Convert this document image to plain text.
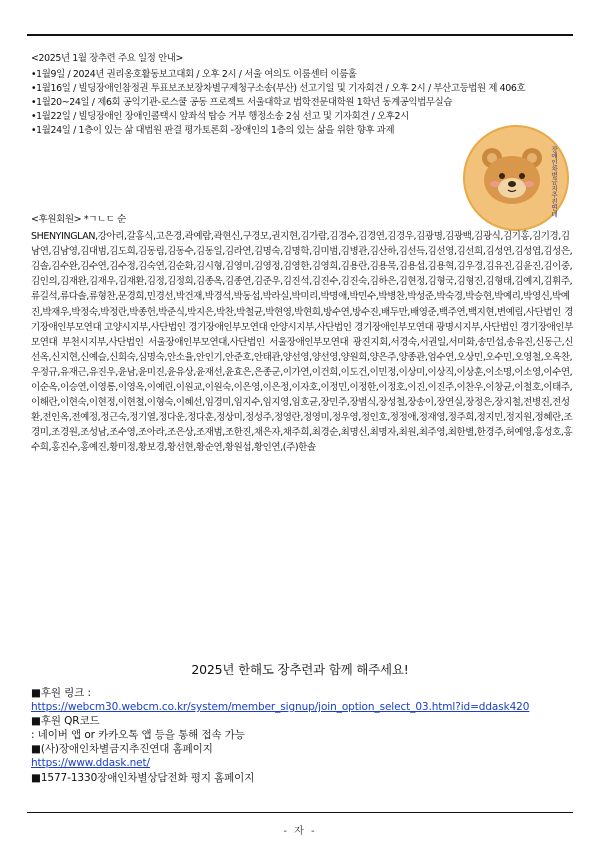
<2025년 1월 장추련 주요 일정 안내>
•1월9일 / 2024년 권리옹호활동보고대회 / 오후 2시 / 서울 여의도 이룸센터 이룸홀
•1월16일 / 빌딩장애인참정권 투표보조보장차별구제청구소송(부산) 선고기일 및 기자회견 / 오후 2시 / 부산고등법원 제 406호
•1월20~24일 / 제6회 공익기관-로스쿨 공동 프로젝트 서울대학교 법학전문대학원 1학년 동계공익법무실습
•1월22일 / 빌딩장애인 장애인콜택시 앞좌석 탑승 거부 행정소송 2심 선고 및 기자회견 / 오후2시
•1월24일 / 1층이 있는 삶 대법원 판결 평가토론회 -장애인의 1층의 있는 삶을 위한 향후 과제
장애인차별금지추진연대
<후원회원> *ㄱㄴㄷ 순
SHENYINGLAN,강아리,갈홍식,고은경,곽예람,곽현신,구경모,권지현,김가람,김경수,김경연,김경우,김광명,김광백,김광식,김기홍,김기경,김남연,김남영,김대범,김도희,김동림,김동수,김동일,김라연,김명숙,김명학,김미범,김병관,김산하,김선득,김선영,김선희,김성연,김성엽,김성은,김솔,김수완,김수연,김수정,김숙연,김순화,김시형,김영미,김영정,김영한,김영희,김용란,김용묵,김용섭,김용혁,김우경,김유진,김윤진,김이중,김인의,김재완,김재우,김재환,김정,김정희,김종옥,김종연,김준우,김진석,김진수,김진숙,김하은,김현정,김형국,김형진,김형태,김예지,김휘주,류길석,류다솔,류형찬,문경희,민경선,박건재,박경석,박동섭,박라실,박미리,박명애,박민수,박병찬,박성준,박숙경,박승현,박예리,박영신,박예진,박재우,박정숙,박정란,박종헌,박준식,박지은,박찬,박철균,박현영,박현희,방수연,방수진,배두만,배영준,백주연,백지현,변예림,사단법인 경기장애인부모연대 고양시지부,사단법인 경기장애인부모연대 안양시지부,사단법인 경기장애인부모연대 광명시지부,사단법인 경기장애인부모연대 부천시지부,사단법인 서울장애인부모연대,사단법인 서울장애인부모연대 광진지회,서경숙,서권일,서미화,송민섭,송유진,신동근,신선옥,신지현,신예슬,신희숙,심명숙,안소율,안인기,안준호,안태관,양선영,양선영,양원희,양은주,양종관,엄수연,오상민,오수민,오영철,오옥찬,우정규,유재근,유진우,윤남,윤미진,윤유상,윤재선,윤효은,은종군,이가연,이건희,이도건,이민정,이상미,이상직,이상훈,이소명,이소영,이수연,이순옥,이승연,이영롱,이영옥,이예린,이원교,이원숙,이은영,이은정,이자호,이정민,이정한,이정호,이진,이진주,이찬우,이창균,이철호,이태주,이해란,이현숙,이현정,이현철,이형숙,이혜선,임경미,임지수,임지영,임호균,장민주,장범식,장성철,장송이,장연실,장정은,장지철,전병진,전성환,전인옥,전예정,정근숙,정기열,정다운,정다훈,정상미,정성주,정영란,정영미,정우영,정인호,정정애,정재영,정주희,정지민,정지원,정혜란,조경미,조경원,조성남,조수영,조아라,조은상,조재범,조한진,채은자,채주희,최경순,최명신,최명자,최원,최주영,최한별,한경주,허예영,홍성호,홍수희,홍진수,홍예진,황미정,황보경,황선현,황순연,황원섭,황인연,(주)한솔
2025년 한해도 장추련과 함께 해주세요!
■후원 링크 :
https://webcm30.webcm.co.kr/system/member_signup/join_option_select_03.html?id=ddask420
■후원 QR코드
: 네이버 앱 or 카카오톡 앱 등을 통해 접속 가능
■(사)장애인차별금지추진연대 홈페이지
https://www.ddask.net/
■1577-1330장애인차별상담전화 평지 홈페이지
- 자 -
